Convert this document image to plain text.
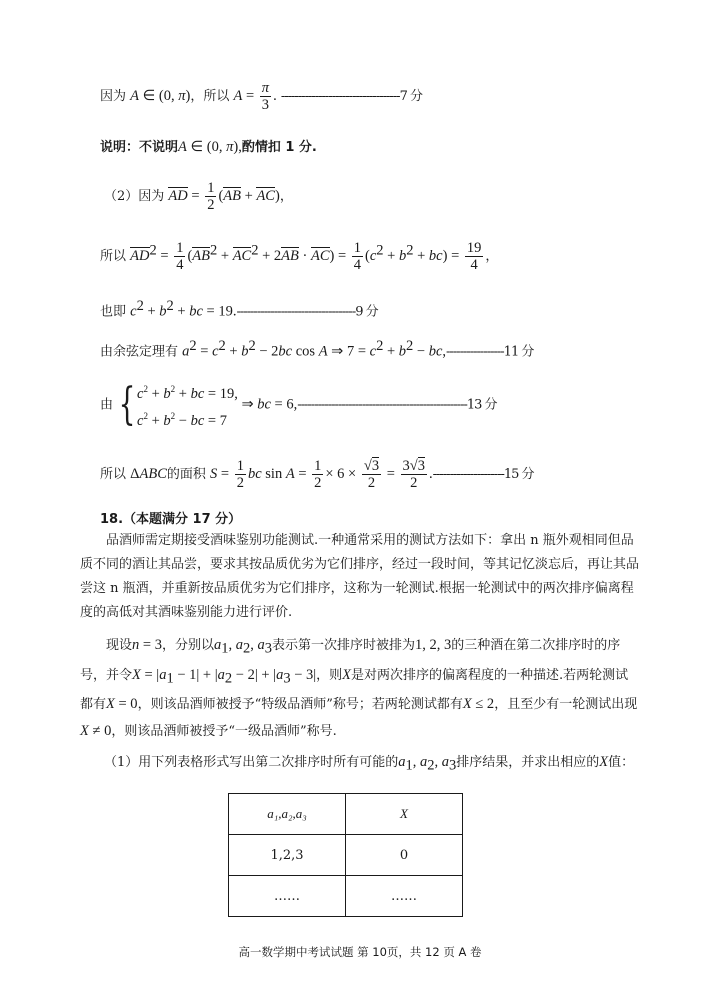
因为 A ∈ (0, π)，所以 $A = \frac{\pi}{3}$ . -----------------------------------7 分
说明：不说明A ∈ (0, π),酌情扣 1 分.
（2）因为 AD = $\frac{1}{2} (AB + AC)$，
所以 $AD^2 = \frac{1}{4} (AB^2 + AC^2 + 2AB \cdot AC) = \frac{1}{4} (c^2 + b^2 + bc) = \frac{19}{4}$ ，
也即 $c^2 + b^2$ + bc = 19.-----------------------------------9 分
由余弦定理有 $a^2 = c^2 + b^2 - 2bc$ cos A ⇒ $7 = c^2 + b^2 - bc,-----------------11$ 分
由 { $c^2 + b^2$ + bc = 19,
$c^2 + b^2$ − bc = 7
⇒ bc = 6,--------------------------------------------------13 分
所以 ΔABC的面积 $S = \frac{1}{2}$ bc $\sin A = \frac{1}{2} \times 6 \times \frac{√3}{2} = \frac{3√3}{2} .---------------------15$ 分
18.（本题满分 17 分）
品酒师需定期接受酒味鉴别功能测试.一种通常采用的测试方法如下：拿出 n 瓶外观相同但品质不同的酒让其品尝，要求其按品质优劣为它们排序，经过一段时间，等其记忆淡忘后，再让其品尝这 n 瓶酒，并重新按品质优劣为它们排序，这称为一轮测试.根据一轮测试中的两次排序偏离程度的高低对其酒味鉴别能力进行评价.
现设n = 3，分别以$a_1$, $a_2$, $a_3$表示第一次排序时被排为1, 2, 3的三种酒在第二次排序时的序号，并令$X = |a_1 - 1| + |a_2 - 2| + |a_3 - 3|$，则X是对两次排序的偏离程度的一种描述.若两轮测试都有X = 0，则该品酒师被授予“特级品酒师”称号；若两轮测试都有X ≤ 2，且至少有一轮测试出现X ≠ 0，则该品酒师被授予“一级品酒师”称号.
（1）用下列表格形式写出第二次排序时所有可能的$a_1$, $a_2$, $a_3$排序结果，并求出相应的X值：
a₁,a₂,a₃	X
1,2,3	0
……	……
高一数学期中考试试题 第 10页，共 12 页 A 卷
